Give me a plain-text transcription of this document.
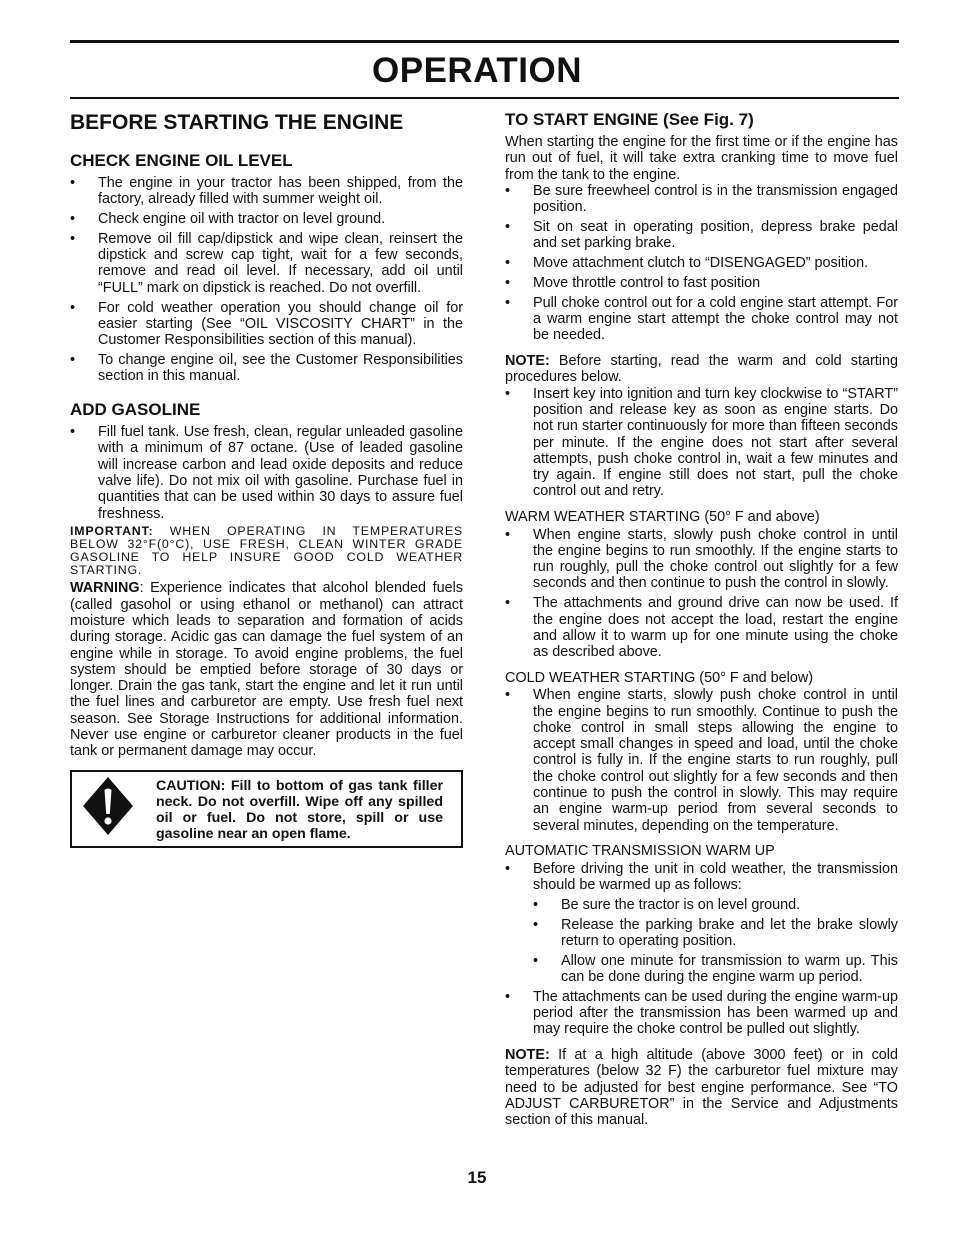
OPERATION
BEFORE STARTING THE ENGINE
CHECK ENGINE OIL LEVEL
• The engine in your tractor has been shipped, from the factory, already filled with summer weight oil.
• Check engine oil with tractor on level ground.
• Remove oil fill cap/dipstick and wipe clean, reinsert the dipstick and screw cap tight, wait for a few seconds, remove and read oil level. If necessary, add oil until “FULL” mark on dipstick is reached. Do not overfill.
• For cold weather operation you should change oil for easier starting (See “OIL VISCOSITY CHART” in the Customer Responsibilities section of this manual).
• To change engine oil, see the Customer Responsibilities section in this manual.
ADD GASOLINE
• Fill fuel tank. Use fresh, clean, regular unleaded gasoline with a minimum of 87 octane. (Use of leaded gasoline will increase carbon and lead oxide deposits and reduce valve life). Do not mix oil with gasoline. Purchase fuel in quantities that can be used within 30 days to assure fuel freshness.

IMPORTANT: WHEN OPERATING IN TEMPERATURES BELOW 32°F(0°C), USE FRESH, CLEAN WINTER GRADE GASOLINE TO HELP INSURE GOOD COLD WEATHER STARTING.

WARNING: Experience indicates that alcohol blended fuels (called gasohol or using ethanol or methanol) can attract moisture which leads to separation and formation of acids during storage. Acidic gas can damage the fuel system of an engine while in storage. To avoid engine problems, the fuel system should be emptied before storage of 30 days or longer. Drain the gas tank, start the engine and let it run until the fuel lines and carburetor are empty. Use fresh fuel next season. See Storage Instructions for additional information. Never use engine or carburetor cleaner products in the fuel tank or permanent damage may occur.

CAUTION: Fill to bottom of gas tank filler neck. Do not overfill. Wipe off any spilled oil or fuel. Do not store, spill or use gasoline near an open flame.
TO START ENGINE (See Fig. 7)

When starting the engine for the first time or if the engine has run out of fuel, it will take extra cranking time to move fuel from the tank to the engine.

• Be sure freewheel control is in the transmission engaged position.
• Sit on seat in operating position, depress brake pedal and set parking brake.
• Move attachment clutch to “DISENGAGED” position.
• Move throttle control to fast position
• Pull choke control out for a cold engine start attempt. For a warm engine start attempt the choke control may not be needed.

NOTE: Before starting, read the warm and cold starting procedures below.

• Insert key into ignition and turn key clockwise to “START” position and release key as soon as engine starts. Do not run starter continuously for more than fifteen seconds per minute. If the engine does not start after several attempts, push choke control in, wait a few minutes and try again. If engine still does not start, pull the choke control out and retry.

WARM WEATHER STARTING (50° F and above)

• When engine starts, slowly push choke control in until the engine begins to run smoothly. If the engine starts to run roughly, pull the choke control out slightly for a few seconds and then continue to push the control in slowly.
• The attachments and ground drive can now be used. If the engine does not accept the load, restart the engine and allow it to warm up for one minute using the choke as described above.

COLD WEATHER STARTING (50° F and below)

• When engine starts, slowly push choke control in until the engine begins to run smoothly. Continue to push the choke control in small steps allowing the engine to accept small changes in speed and load, until the choke control is fully in. If the engine starts to run roughly, pull the choke control out slightly for a few seconds and then continue to push the control in slowly. This may require an engine warm-up period from several seconds to several minutes, depending on the temperature.

AUTOMATIC TRANSMISSION WARM UP

• Before driving the unit in cold weather, the transmission should be warmed up as follows:
• Be sure the tractor is on level ground.
• Release the parking brake and let the brake slowly return to operating position.
• Allow one minute for transmission to warm up. This can be done during the engine warm up period.
• The attachments can be used during the engine warm-up period after the transmission has been warmed up and may require the choke control be pulled out slightly.

NOTE: If at a high altitude (above 3000 feet) or in cold temperatures (below 32 F) the carburetor fuel mixture may need to be adjusted for best engine performance. See “TO ADJUST CARBURETOR” in the Service and Adjustments section of this manual.

15
